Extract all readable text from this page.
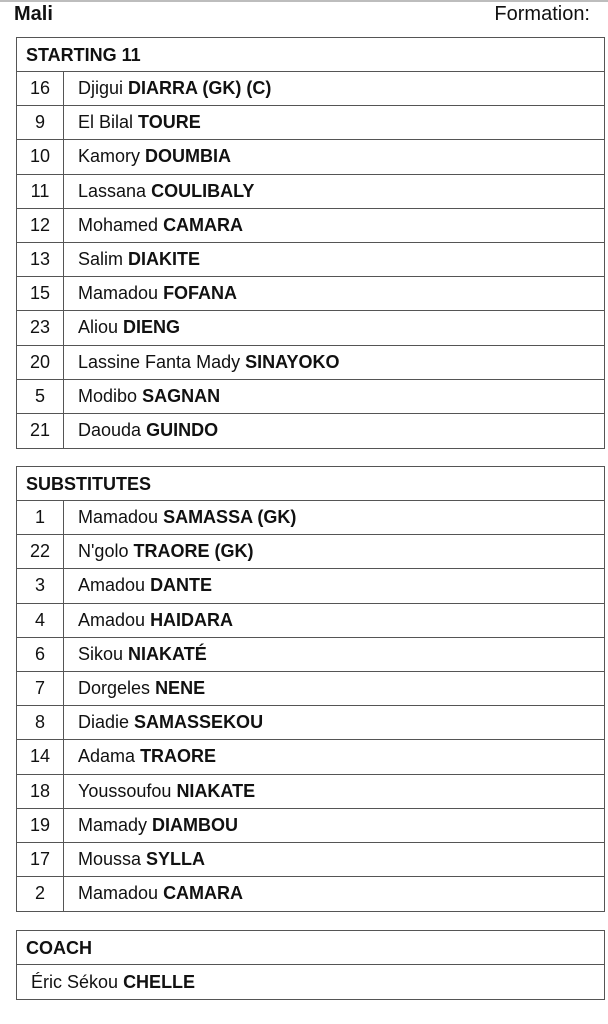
Mali	Formation:
STARTING 11
16	Djigui DIARRA (GK) (C)
9	El Bilal TOURE
10	Kamory DOUMBIA
11	Lassana COULIBALY
12	Mohamed CAMARA
13	Salim DIAKITE
15	Mamadou FOFANA
23	Aliou DIENG
20	Lassine Fanta Mady SINAYOKO
5	Modibo SAGNAN
21	Daouda GUINDO
SUBSTITUTES
1	Mamadou SAMASSA (GK)
22	N'golo TRAORE (GK)
3	Amadou DANTE
4	Amadou HAIDARA
6	Sikou NIAKATÉ
7	Dorgeles NENE
8	Diadie SAMASSEKOU
14	Adama TRAORE
18	Youssoufou NIAKATE
19	Mamady DIAMBOU
17	Moussa SYLLA
2	Mamadou CAMARA
COACH
Éric Sékou CHELLE
